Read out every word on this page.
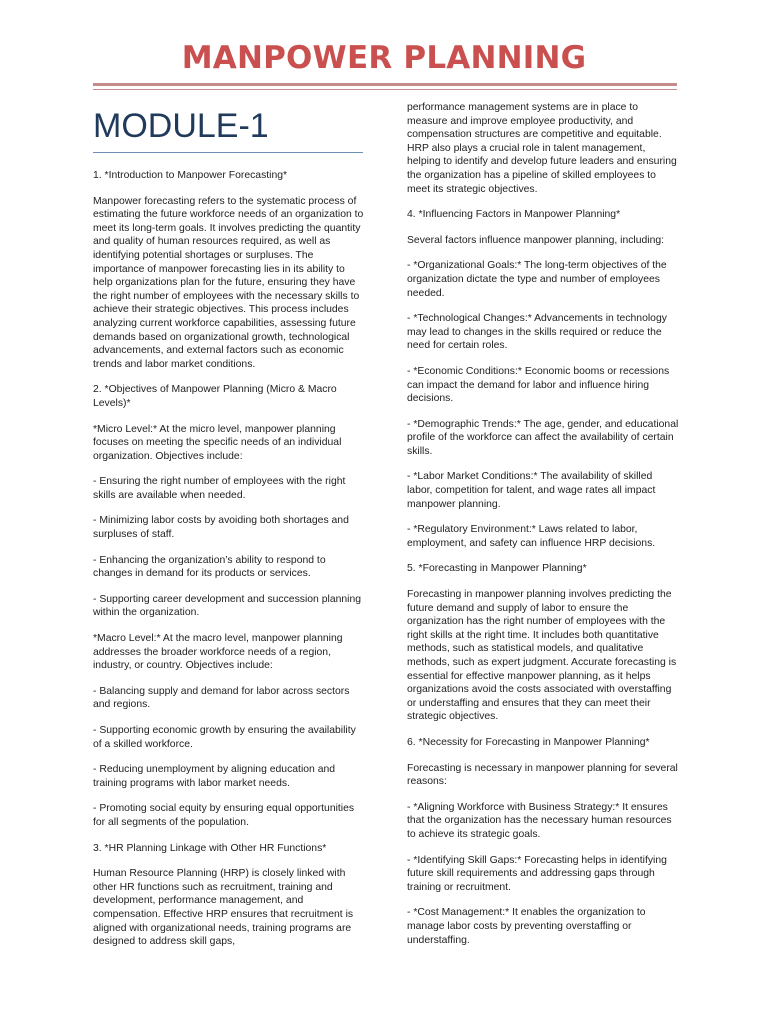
MANPOWER PLANNING
MODULE-1

1. *Introduction to Manpower Forecasting*

Manpower forecasting refers to the systematic process of estimating the future workforce needs of an organization to meet its long-term goals. It involves predicting the quantity and quality of human resources required, as well as identifying potential shortages or surpluses. The importance of manpower forecasting lies in its ability to help organizations plan for the future, ensuring they have the right number of employees with the necessary skills to achieve their strategic objectives. This process includes analyzing current workforce capabilities, assessing future demands based on organizational growth, technological advancements, and external factors such as economic trends and labor market conditions.

2. *Objectives of Manpower Planning (Micro & Macro Levels)*

*Micro Level:* At the micro level, manpower planning focuses on meeting the specific needs of an individual organization. Objectives include:

- Ensuring the right number of employees with the right skills are available when needed.

- Minimizing labor costs by avoiding both shortages and surpluses of staff.

- Enhancing the organization’s ability to respond to changes in demand for its products or services.

- Supporting career development and succession planning within the organization.

*Macro Level:* At the macro level, manpower planning addresses the broader workforce needs of a region, industry, or country. Objectives include:

- Balancing supply and demand for labor across sectors and regions.

- Supporting economic growth by ensuring the availability of a skilled workforce.

- Reducing unemployment by aligning education and training programs with labor market needs.

- Promoting social equity by ensuring equal opportunities for all segments of the population.

3. *HR Planning Linkage with Other HR Functions*

Human Resource Planning (HRP) is closely linked with other HR functions such as recruitment, training and development, performance management, and compensation. Effective HRP ensures that recruitment is aligned with organizational needs, training programs are designed to address skill gaps,

performance management systems are in place to measure and improve employee productivity, and compensation structures are competitive and equitable. HRP also plays a crucial role in talent management, helping to identify and develop future leaders and ensuring the organization has a pipeline of skilled employees to meet its strategic objectives.

4. *Influencing Factors in Manpower Planning*

Several factors influence manpower planning, including:

- *Organizational Goals:* The long-term objectives of the organization dictate the type and number of employees needed.

- *Technological Changes:* Advancements in technology may lead to changes in the skills required or reduce the need for certain roles.

- *Economic Conditions:* Economic booms or recessions can impact the demand for labor and influence hiring decisions.

- *Demographic Trends:* The age, gender, and educational profile of the workforce can affect the availability of certain skills.

- *Labor Market Conditions:* The availability of skilled labor, competition for talent, and wage rates all impact manpower planning.

- *Regulatory Environment:* Laws related to labor, employment, and safety can influence HRP decisions.

5. *Forecasting in Manpower Planning*

Forecasting in manpower planning involves predicting the future demand and supply of labor to ensure the organization has the right number of employees with the right skills at the right time. It includes both quantitative methods, such as statistical models, and qualitative methods, such as expert judgment. Accurate forecasting is essential for effective manpower planning, as it helps organizations avoid the costs associated with overstaffing or understaffing and ensures that they can meet their strategic objectives.

6. *Necessity for Forecasting in Manpower Planning*

Forecasting is necessary in manpower planning for several reasons:

- *Aligning Workforce with Business Strategy:* It ensures that the organization has the necessary human resources to achieve its strategic goals.

- *Identifying Skill Gaps:* Forecasting helps in identifying future skill requirements and addressing gaps through training or recruitment.

- *Cost Management:* It enables the organization to manage labor costs by preventing overstaffing or understaffing.
